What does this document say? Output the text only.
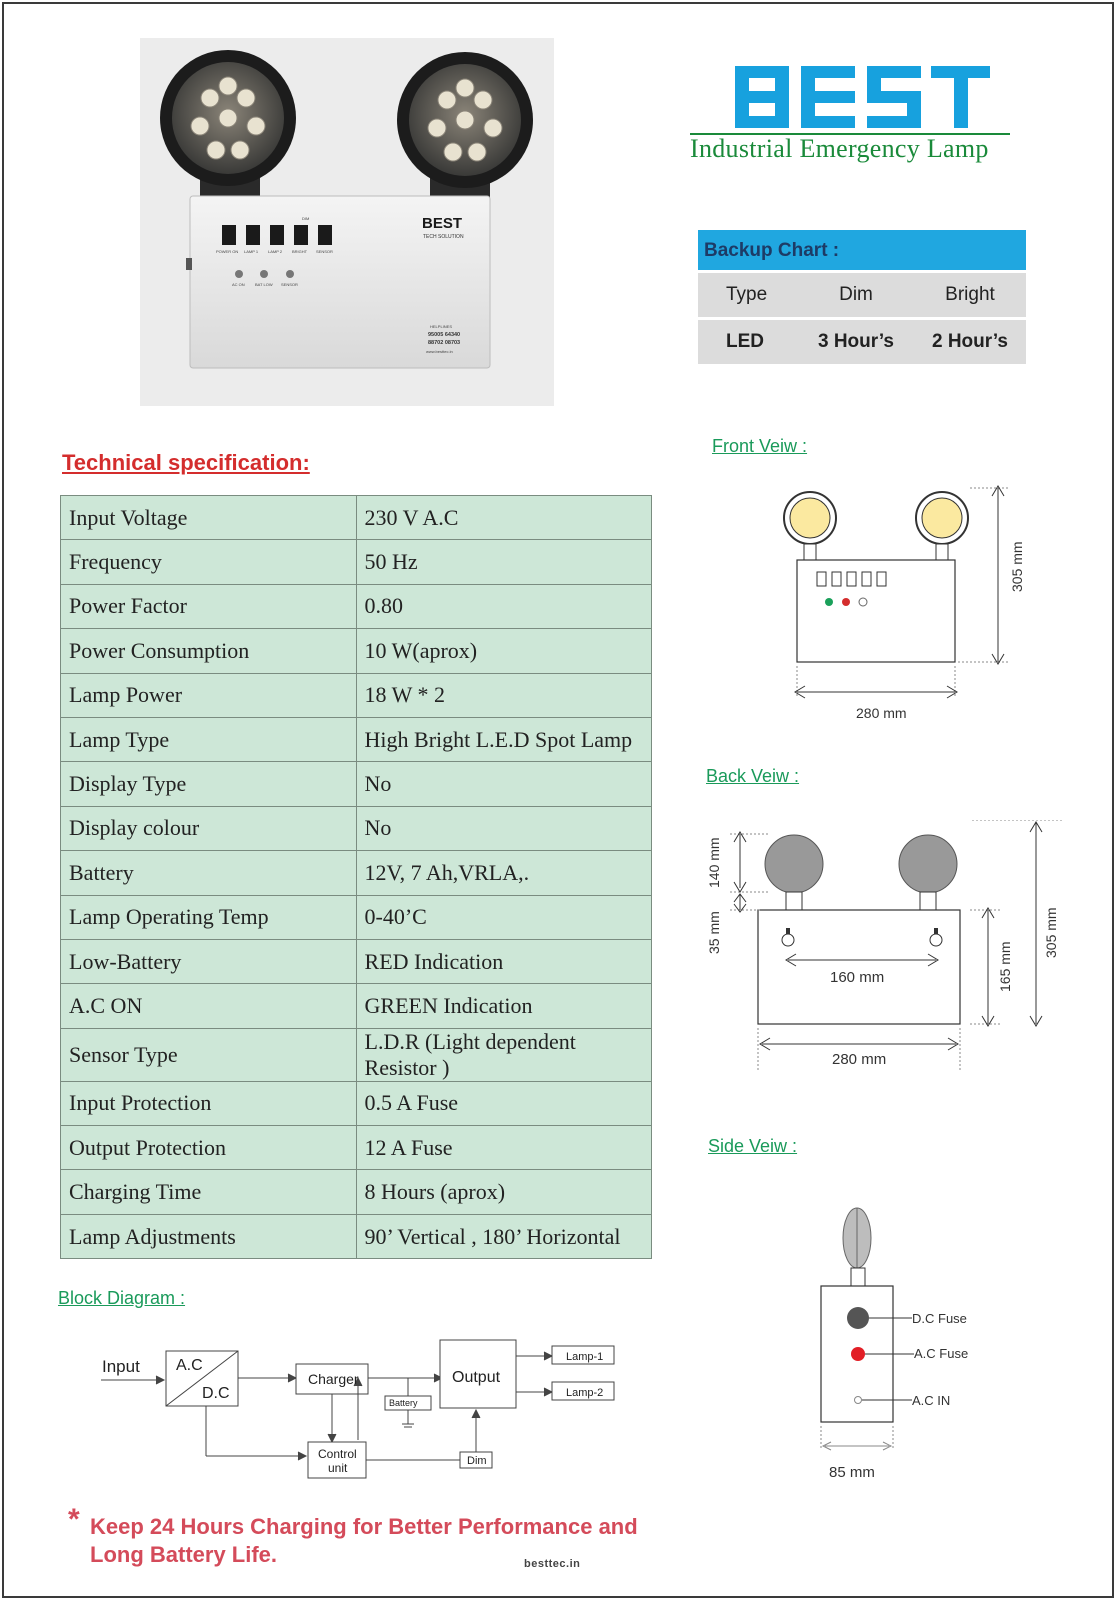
DIM
POWER ON LAMP 1 LAMP 2 BRIGHT SENSOR
AC ON	BAT LOW SENSOR
BEST
TECH SOLUTION
HELPLINES
95005 64340
88702 08703
www.besttec.in
Industrial Emergency Lamp
Backup Chart :
Type	Dim	Bright
LED	3 Hour’s	2 Hour’s
Technical specification:
Input Voltage	230 V A.C
Frequency	50 Hz
Power Factor	0.80
Power Consumption	10 W(aprox)
Lamp Power	18 W * 2
Lamp Type	High Bright L.E.D Spot Lamp
Display Type	No
Display colour	No
Battery	12V, 7 Ah,VRLA,.
Lamp Operating Temp	0-40’C
Low-Battery	RED Indication
A.C ON	GREEN Indication
Sensor Type	L.D.R (Light dependent Resistor )
Input Protection	0.5 A Fuse
Output Protection	12 A Fuse
Charging Time	8 Hours (aprox)
Lamp Adjustments	90’ Vertical , 180’ Horizontal
Front Veiw :
305 mm
280 mm
Back Veiw :
160 mm
140 mm
35 mm
165 mm
305 mm
280 mm
Side Veiw :
D.C Fuse
A.C Fuse
A.C IN
85 mm
Block Diagram :
Input A.C
D.C
Charger	Output
Lamp-1
Lamp-2
Battery
Control
unit	Dim
* Keep 24 Hours Charging for Better Performance and
Long Battery Life.	besttec.in
